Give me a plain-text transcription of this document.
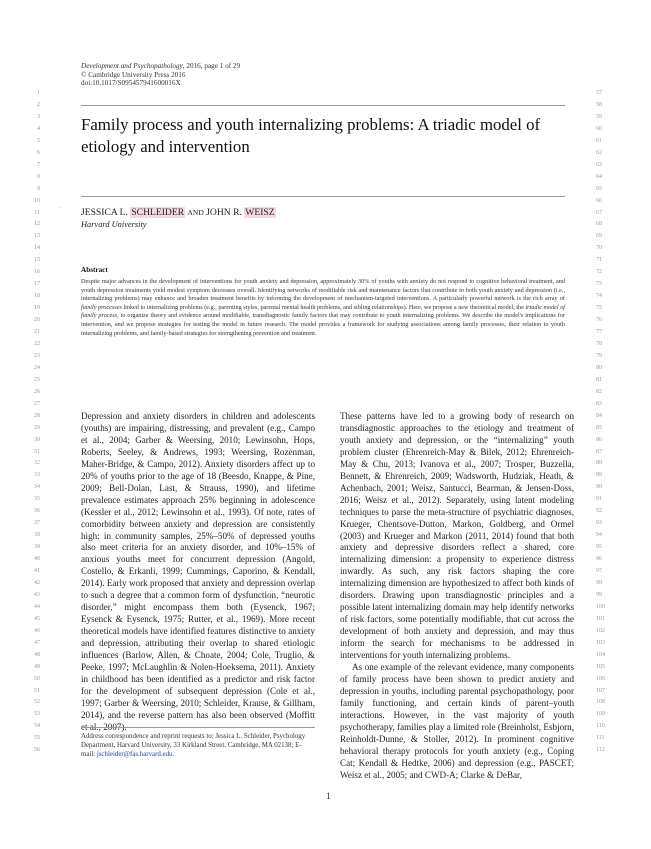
Development and Psychopathology, 2016, page 1 of 29
© Cambridge University Press 2016
doi:10.1017/S095457941600016X
Family process and youth internalizing problems: A triadic model of etiology and intervention
' JESSICA L. SCHLEIDER AND JOHN R. WEISZ
Harvard University
Abstract
Despite major advances in the development of interventions for youth anxiety and depression, approximately 30% of youths with anxiety do not respond to cognitive behavioral treatment, and youth depression treatments yield modest symptom decreases overall. Identifying networks of modifiable risk and maintenance factors that contribute to both youth anxiety and depression (i.e., internalizing problems) may enhance and broaden treatment benefits by informing the development of mechanism-targeted interventions. A particularly powerful network is the rich array of family processes linked to internalizing problems (e.g., parenting styles, parental mental health problems, and sibling relationships). Here, we propose a new theoretical model, the triadic model of family process, to organize theory and evidence around modifiable, transdiagnostic family factors that may contribute to youth internalizing problems. We describe the model's implications for intervention, and we propose strategies for testing the model in future research. The model provides a framework for studying associations among family processes, their relation to youth internalizing problems, and family-based strategies for strengthening prevention and treatment.

Depression and anxiety disorders in children and adolescents (youths) are impairing, distressing, and prevalent (e.g., Campo et al., 2004; Garber & Weersing, 2010; Lewinsohn, Hops, Roberts, Seeley, & Andrews, 1993; Weersing, Rozenman, Maher-Bridge, & Campo, 2012). Anxiety disorders affect up to 20% of youths prior to the age of 18 (Beesdo, Knappe, & Pine, 2009; Bell-Dolan, Last, & Strauss, 1990), and lifetime prevalence estimates approach 25% beginning in adolescence (Kessler et al., 2012; Lewinsohn et al., 1993). Of note, rates of comorbidity between anxiety and depression are consistently high: in community samples, 25%–50% of depressed youths also meet criteria for an anxiety disorder, and 10%–15% of anxious youths meet for concurrent depression (Angold, Costello, & Erkanli, 1999; Cummings, Caporino, & Kendall, 2014). Early work proposed that anxiety and depression overlap to such a degree that a common form of dysfunction, “neurotic disorder,” might encompass them both (Eysenck, 1967; Eysenck & Eysenck, 1975; Rutter, et al., 1969). More recent theoretical models have identified features distinctive to anxiety and depression, attributing their overlap to shared etiologic influences (Barlow, Allen, & Choate, 2004; Cole, Truglio, & Peeke, 1997; McLaughlin & Nolen-Hoeksema, 2011). Anxiety in childhood has been identified as a predictor and risk factor for the development of subsequent depression (Cole et al., 1997; Garber & Weersing, 2010; Schleider, Krause, & Gillham, 2014), and the reverse pattern has also been observed (Moffitt et al., 2007).

These patterns have led to a growing body of research on transdiagnostic approaches to the etiology and treatment of youth anxiety and depression, or the “internalizing” youth problem cluster (Ehrenreich-May & Bilek, 2012; Ehrenreich-May & Chu, 2013; Ivanova et al., 2007; Trosper, Buzzella, Bennett, & Ehrenreich, 2009; Wadsworth, Hudziak, Heath, & Achenbach, 2001; Weisz, Santucci, Bearman, & Jensen-Doss, 2016; Weisz et al., 2012). Separately, using latent modeling techniques to parse the meta-structure of psychiatric diagnoses, Krueger, Chentsove-Dutton, Markon, Goldberg, and Ormel (2003) and Krueger and Markon (2011, 2014) found that both anxiety and depressive disorders reflect a shared, core internalizing dimension: a propensity to experience distress inwardly. As such, any risk factors shaping the core internalizing dimension are hypothesized to affect both kinds of disorders. Drawing upon transdiagnostic principles and a possible latent internalizing domain may help identify networks of risk factors, some potentially modifiable, that cut across the development of both anxiety and depression, and may thus inform the search for mechanisms to be addressed in interventions for youth internalizing problems.

As one example of the relevant evidence, many components of family process have been shown to predict anxiety and depression in youths, including parental psychopathology, poor family functioning, and certain kinds of parent–youth interactions. However, in the vast majority of youth psychotherapy, families play a limited role (Breinholst, Esbjorn, Reinholdt-Dunne, & Stoller, 2012). In prominent cognitive behavioral therapy protocols for youth anxiety (e.g., Coping Cat; Kendall & Hedtke, 2006) and depression (e.g., PASCET; Weisz et al., 2005; and CWD-A; Clarke & DeBar,

Address correspondence and reprint requests to: Jessica L. Schleider, Psychology Department, Harvard University, 33 Kirkland Street, Cambridge, MA 02138; E-mail: jschleider@fas.harvard.edu.
1
1
2
3
4
5
6
7
8
9
10
11
12
13
14
15
16
17
18
19
20
21
22
23
24
25
26
27
28
29
30
31
32
33
34
35
36
37
38
39
40
41
42
43
44
45
46
47
48
49
50
51
52
53
54
55
56
57
58
59
60
61
62
63
64
65
66
67
68
69
70
71
72
73
74
75
76
77
78
79
80
81
82
83
84
85
86
87
88
89
90
91
92
93
94
95
96
97
98
99
100
101
102
103
104
105
106
107
108
109
110
111
112
